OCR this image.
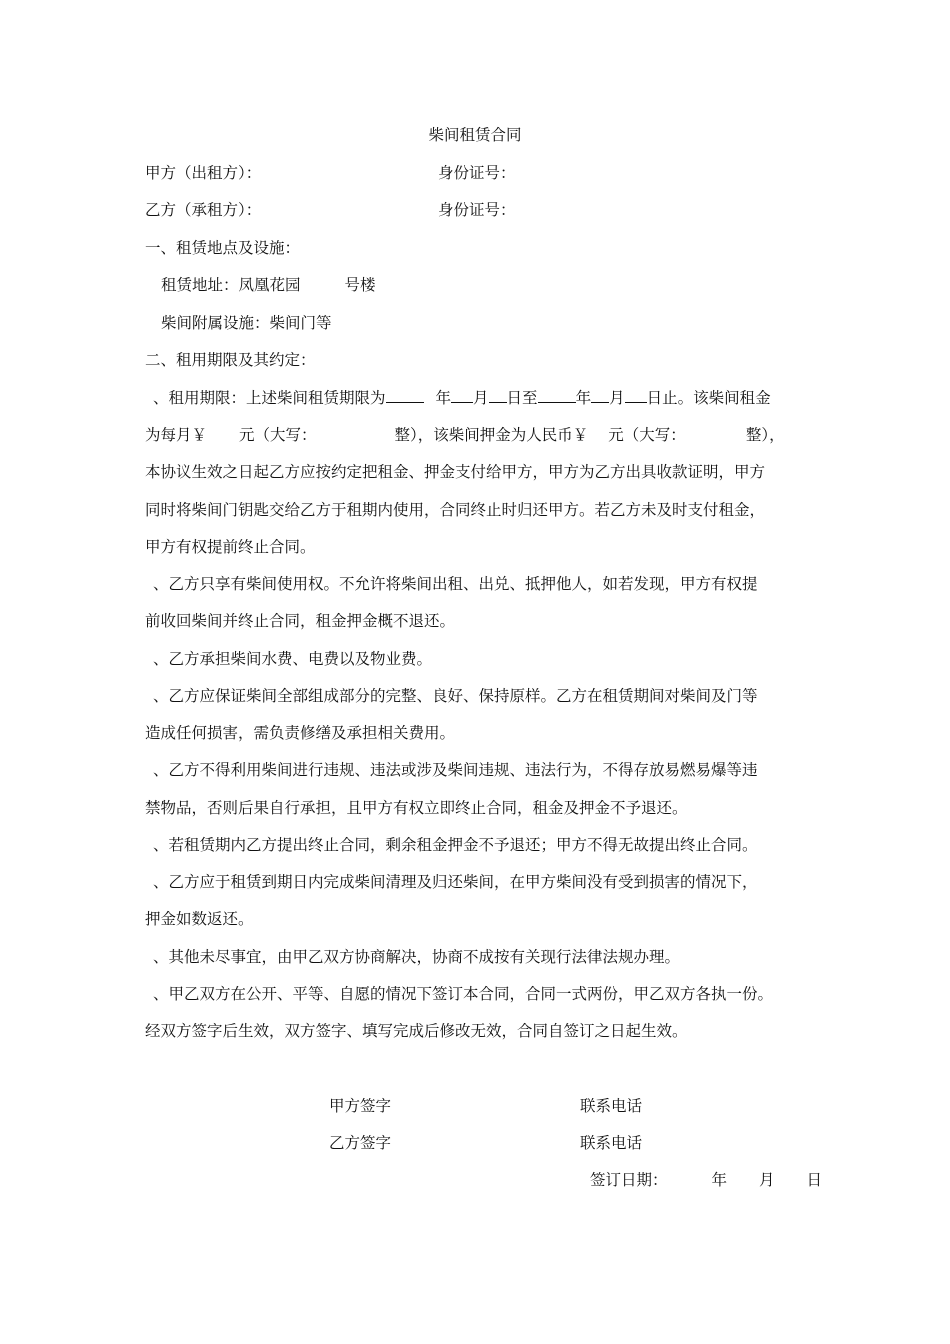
柴间租赁合同
甲方（出租方）：	身份证号：
乙方（承租方）：	身份证号：
一、租赁地点及设施：
租赁地址：凤凰花园	号楼
柴间附属设施：柴间门等
二、租用期限及其约定：
、租用期限：上述柴间租赁期限为	年 月 日至 年 月 日止。该柴间租金
为每月￥ 元（大写：	整），该柴间押金为人民币￥ 元（大写：	整），
本协议生效之日起乙方应按约定把租金、押金支付给甲方，甲方为乙方出具收款证明，甲方
同时将柴间门钥匙交给乙方于租期内使用，合同终止时归还甲方。若乙方未及时支付租金，
甲方有权提前终止合同。
、乙方只享有柴间使用权。不允许将柴间出租、出兑、抵押他人，如若发现，甲方有权提
前收回柴间并终止合同，租金押金概不退还。
、乙方承担柴间水费、电费以及物业费。
、乙方应保证柴间全部组成部分的完整、良好、保持原样。乙方在租赁期间对柴间及门等
造成任何损害，需负责修缮及承担相关费用。
、乙方不得利用柴间进行违规、违法或涉及柴间违规、违法行为，不得存放易燃易爆等违
禁物品，否则后果自行承担，且甲方有权立即终止合同，租金及押金不予退还。
、若租赁期内乙方提出终止合同，剩余租金押金不予退还；甲方不得无故提出终止合同。
、乙方应于租赁到期日内完成柴间清理及归还柴间，在甲方柴间没有受到损害的情况下，
押金如数返还。
、其他未尽事宜，由甲乙双方协商解决，协商不成按有关现行法律法规办理。
、甲乙双方在公开、平等、自愿的情况下签订本合同，合同一式两份，甲乙双方各执一份。
经双方签字后生效，双方签字、填写完成后修改无效，合同自签订之日起生效。
甲方签字	联系电话
乙方签字	联系电话
签订日期：	年 月 日
